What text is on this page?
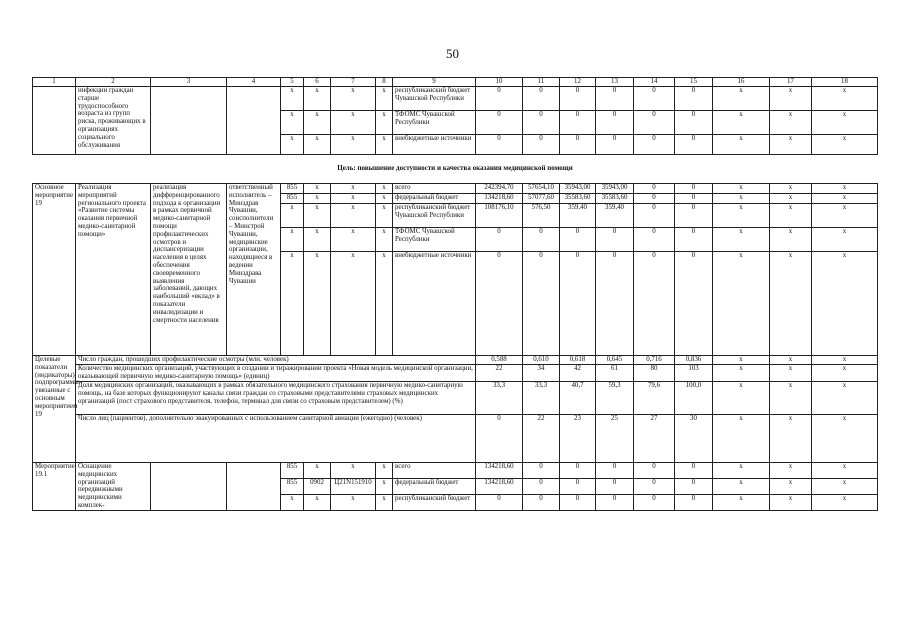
50
1	2	3	4	5	6	7	8	9	10	11	12	13	14	15	16	17	18
	инфекции граждан старше трудоспособного возраста из групп риска, проживающих в организациях социального обслуживания			x	x	x	x	республиканский бюджет Чувашской Республики	0	0	0	0	0	0	x	x	x
				x	x	x	x	ТФОМС Чувашской Республики	0	0	0	0	0	0	x	x	x
				x	x	x	x	внебюджетные источники	0	0	0	0	0	0	x	x	x
Цель: повышение доступности и качества оказания медицинской помощи																	
Основное мероприятие 19	Реализация мероприятий регионального проекта «Развитие системы оказания первичной медико-санитарной помощи»	реализация дифференцированного подхода к организации в рамках первичной медико-санитарной помощи профилактических осмотров и диспансеризации населения в целях обеспечения своевременного выявления заболеваний, дающих наибольший «вклад» в показатели инвалидизации и смертности населения	ответственный исполнитель – Минздрав Чувашии, соисполнители – Минстрой Чувашии, медицинские организации, находящиеся в ведении Минздрава Чувашии	855	x	x	x	всего	242394,70	57654,10	35943,00	35943,00	0	0	x	x	x
				855	x	x	x	федеральный бюджет	134218,60	57077,60	35583,60	35583,60	0	0	x	x	x
				x	x	x	x	республиканский бюджет Чувашской Республики	108176,10	576,50	359,40	359,40	0	0	x	x	x
				x	x	x	x	ТФОМС Чувашской Республики	0	0	0	0	0	0	x	x	x
				x	x	x	x	внебюджетные источники	0	0	0	0	0	0	x	x	x
Целевые показатели (индикаторы) подпрограммы, увязанные с основным мероприятием 19	Число граждан, прошедших профилактические осмотры (млн. человек)								0,588	0,610	0,618	0,645	0,716	0,836	x	x	x
	Количество медицинских организаций, участвующих в создании и тиражировании проекта «Новая модель медицинской организации, оказывающей первичную медико-санитарную помощь» (единиц)								22	34	42	61	80	103	x	x	x
	Доля медицинских организаций, оказывающих в рамках обязательного медицинского страхования первичную медико-санитарную помощь, на базе которых функционируют каналы связи граждан со страховыми представителями страховых медицинских организаций (пост страхового представителя, телефон, терминал для связи со страховым представителем) (%)								33,3	33,3	40,7	59,3	79,6	100,0	x	x	x
	Число лиц (пациентов), дополнительно эвакуированных с использованием санитарной авиации (ежегодно) (человек)								0	22	23	25	27	30	x	x	x
Мероприятие 19.1	Оснащение медицинских организаций передвижными медицинскими комплек-			855	x	x	x	всего	134218,60	0	0	0	0	0	x	x	x
				855	0902	Ц21N151910	x	федеральный бюджет	134218,60	0	0	0	0	0	x	x	x
				x	x	x	x	республиканский бюджет	0	0	0	0	0	0	x	x	x
